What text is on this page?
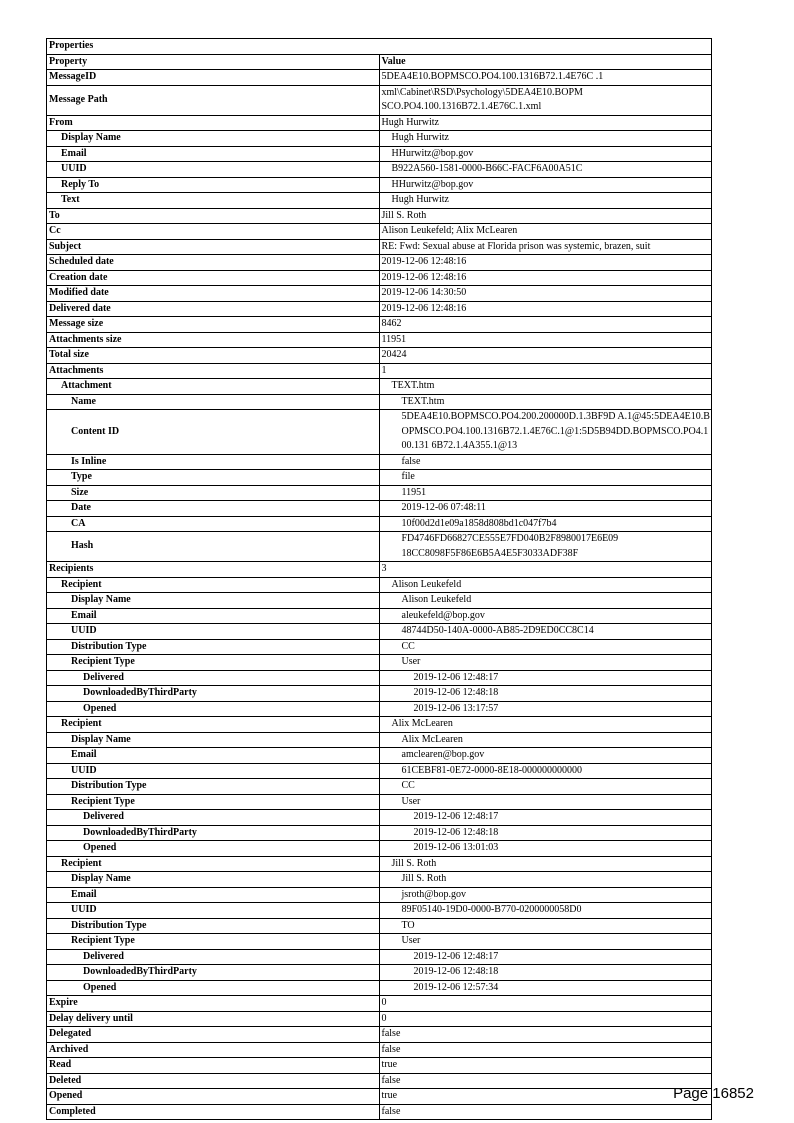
Properties	
Property	Value
MessageID	5DEA4E10.BOPMSCO.PO4.100.1316B72.1.4E76C .1
Message Path	xml\Cabinet\RSD\Psychology\5DEA4E10.BOPM SCO.PO4.100.1316B72.1.4E76C.1.xml
From	Hugh Hurwitz
Display Name	Hugh Hurwitz
Email	HHurwitz@bop.gov
UUID	B922A560-1581-0000-B66C-FACF6A00A51C
Reply To	HHurwitz@bop.gov
Text	Hugh Hurwitz
To	Jill S. Roth
Cc	Alison Leukefeld; Alix McLearen
Subject	RE: Fwd: Sexual abuse at Florida prison was systemic, brazen, suit
Scheduled date	2019-12-06 12:48:16
Creation date	2019-12-06 12:48:16
Modified date	2019-12-06 14:30:50
Delivered date	2019-12-06 12:48:16
Message size	8462
Attachments size	11951
Total size	20424
Attachments	1
Attachment	TEXT.htm
Name	TEXT.htm
Content ID	5DEA4E10.BOPMSCO.PO4.200.200000D.1.3BF9D A.1@45:5DEA4E10.BOPMSCO.PO4.100.1316B72.1.4E76C.1@1:5D5B94DD.BOPMSCO.PO4.100.131 6B72.1.4A355.1@13
Is Inline	false
Type	file
Size	11951
Date	2019-12-06 07:48:11
CA	10f00d2d1e09a1858d808bd1c047f7b4
Hash	FD4746FD66827CE555E7FD040B2F8980017E6E09 18CC8098F5F86E6B5A4E5F3033ADF38F
Recipients	3
Recipient	Alison Leukefeld
Display Name	Alison Leukefeld
Email	aleukefeld@bop.gov
UUID	48744D50-140A-0000-AB85-2D9ED0CC8C14
Distribution Type	CC
Recipient Type	User
Delivered	2019-12-06 12:48:17
DownloadedByThirdParty	2019-12-06 12:48:18
Opened	2019-12-06 13:17:57
Recipient	Alix McLearen
Display Name	Alix McLearen
Email	amclearen@bop.gov
UUID	61CEBF81-0E72-0000-8E18-000000000000
Distribution Type	CC
Recipient Type	User
Delivered	2019-12-06 12:48:17
DownloadedByThirdParty	2019-12-06 12:48:18
Opened	2019-12-06 13:01:03
Recipient	Jill S. Roth
Display Name	Jill S. Roth
Email	jsroth@bop.gov
UUID	89F05140-19D0-0000-B770-0200000058D0
Distribution Type	TO
Recipient Type	User
Delivered	2019-12-06 12:48:17
DownloadedByThirdParty	2019-12-06 12:48:18
Opened	2019-12-06 12:57:34
Expire	0
Delay delivery until	0
Delegated	false
Archived	false
Read	true
Deleted	false
Opened	true
Completed	false
Page 16852
